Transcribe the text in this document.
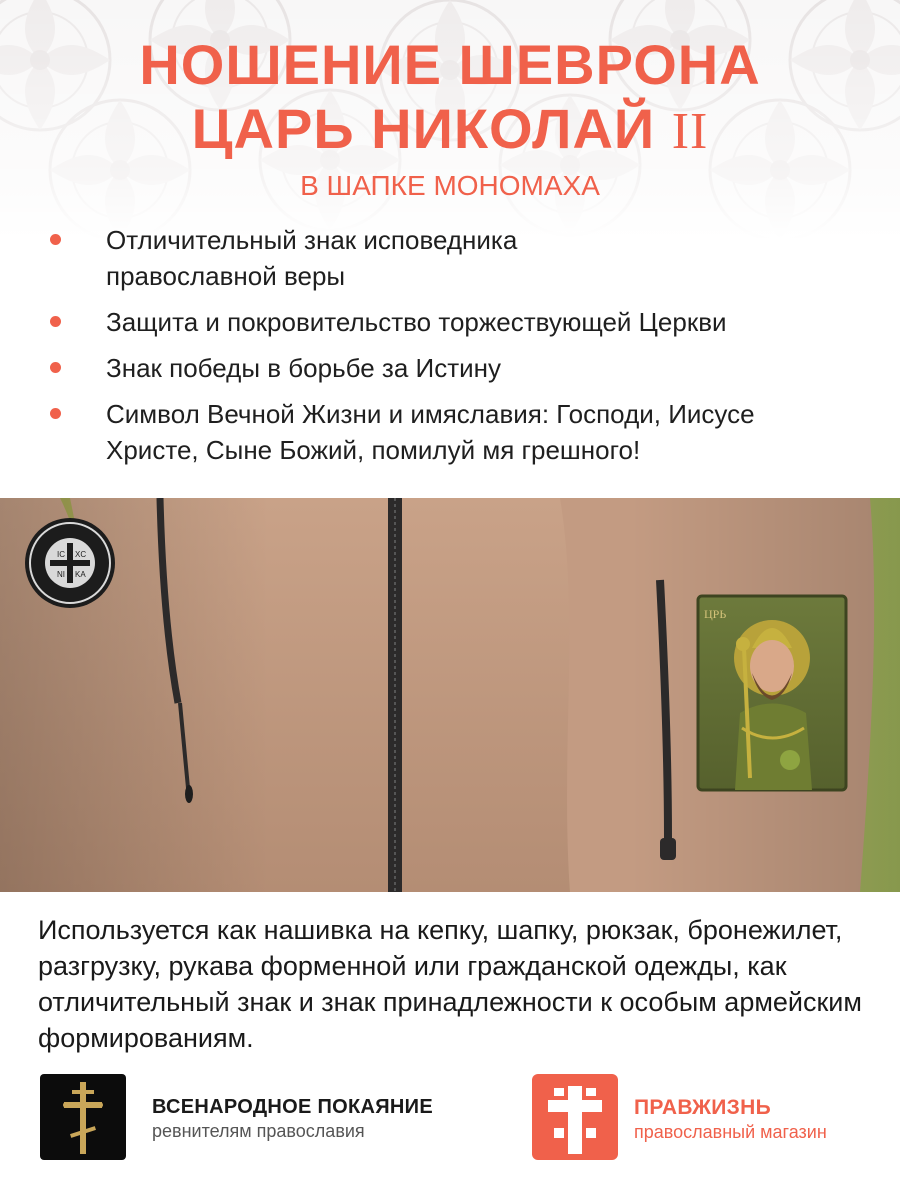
НОШЕНИЕ ШЕВРОНА
ЦАРЬ НИКОЛАЙ II
В ШАПКЕ МОНОМАХА
Отличительный знак исповедника православной веры
Защита и покровительство торжествующей Церкви
Знак победы в борьбе за Истину
Символ Вечной Жизни и имяславия: Господи, Иисусе Христе, Сыне Божий, помилуй мя грешного!
IC XC
NI KA
ЦРЬ
Используется как нашивка на кепку, шапку, рюкзак, бронежилет, разгрузку, рукава форменной или гражданской одежды, как отличительный знак и знак принадлежности к особым армейским формированиям.
ВСЕНАРОДНОЕ ПОКАЯНИЕ
ревнителям православия
ПРАВЖИЗНЬ
православный магазин
